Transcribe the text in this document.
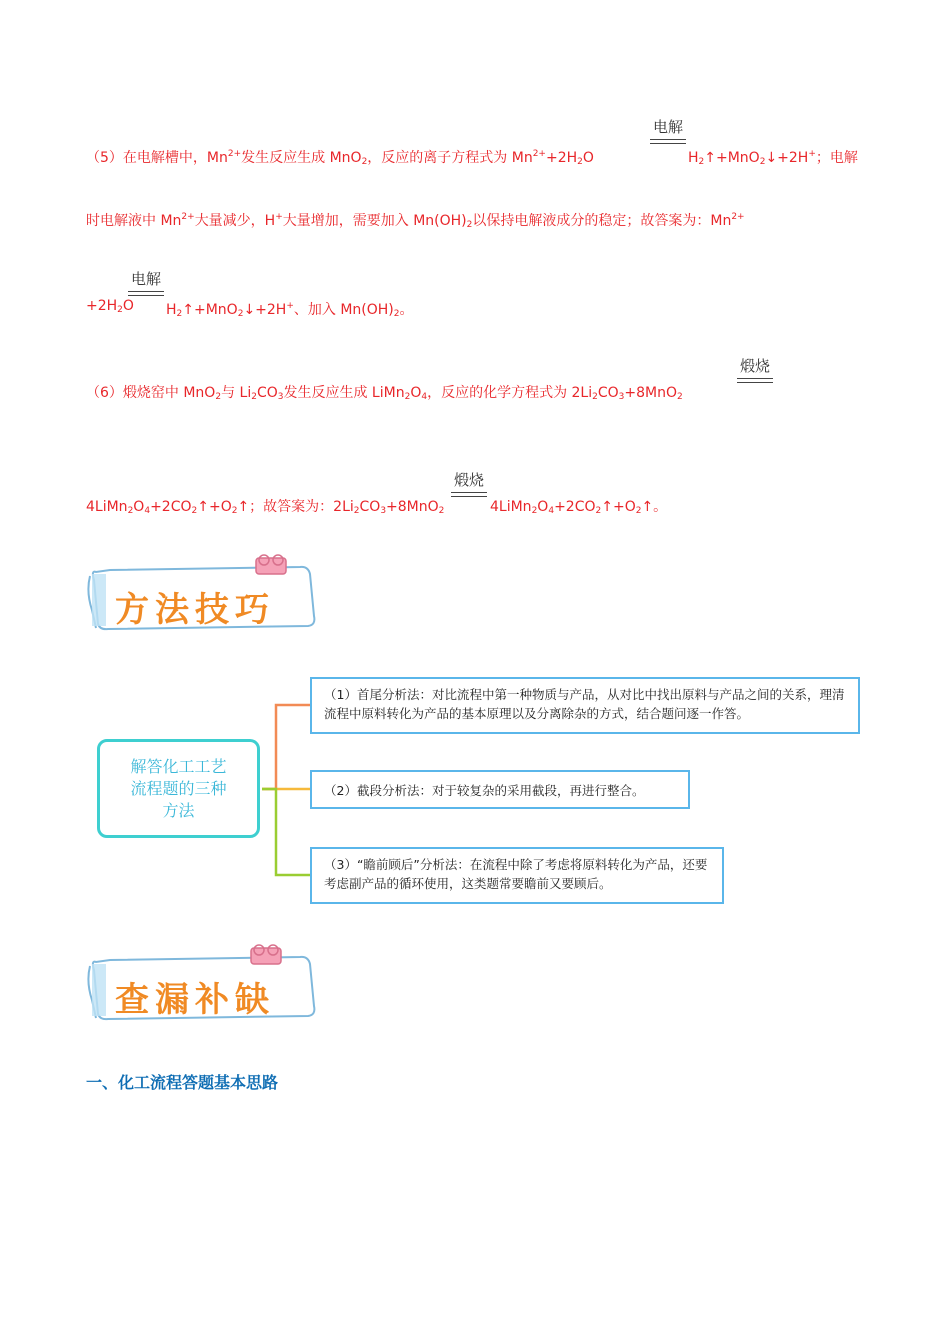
电解
（5）在电解槽中，$Mn^{2+}$发生反应生成 MnO$_2$，反应的离子方程式为 $Mn^{2+}+2H_2O$	$H_2↑+MnO_2↓+2H^+$；电解
时电解液中 $Mn^{2+}$大量减少，H+大量增加，需要加入 $Mn(OH)_2$以保持电解液成分的稳定；故答案为：$Mn^{2+}$
电解
$+2H_2O$ $H_2↑+MnO_2↓+2H^+$、加入 $Mn(OH)_2$。
煅烧
（6）煅烧窑中 MnO$_2$与 $Li_2CO_3$发生反应生成 $LiMn_2O_4$，反应的化学方程式为 $2Li_2CO_3+8MnO_2$
煅烧
$4LiMn_2O_4+2CO_2↑+O_2↑$；故答案为：$2Li_2CO_3+8MnO_2$	$4LiMn_2O_4+2CO_2↑+O_2↑$。
方法技巧
解答化工工艺流程题的三种方法
（1）首尾分析法：对比流程中第一种物质与产品，从对比中找出原料与产品之间的关系，理清流程中原料转化为产品的基本原理以及分离除杂的方式，结合题问逐一作答。
（2）截段分析法：对于较复杂的采用截段，再进行整合。
（3）“瞻前顾后”分析法：在流程中除了考虑将原料转化为产品，还要考虑副产品的循环使用，这类题常要瞻前又要顾后。
查漏补缺
一、化工流程答题基本思路
